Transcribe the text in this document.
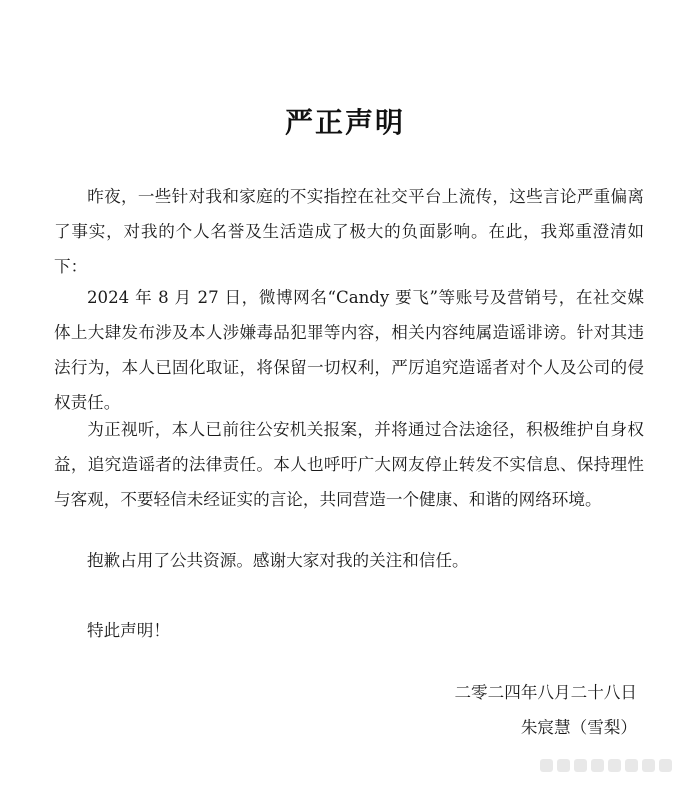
严正声明

昨夜，一些针对我和家庭的不实指控在社交平台上流传，这些言论严重偏离了事实，对我的个人名誉及生活造成了极大的负面影响。在此，我郑重澄清如下：

2024 年 8 月 27 日，微博网名“Candy 要飞”等账号及营销号，在社交媒体上大肆发布涉及本人涉嫌毒品犯罪等内容，相关内容纯属造谣诽谤。针对其违法行为，本人已固化取证，将保留一切权利，严厉追究造谣者对个人及公司的侵权责任。

为正视听，本人已前往公安机关报案，并将通过合法途径，积极维护自身权益，追究造谣者的法律责任。本人也呼吁广大网友停止转发不实信息、保持理性与客观，不要轻信未经证实的言论，共同营造一个健康、和谐的网络环境。

抱歉占用了公共资源。感谢大家对我的关注和信任。

特此声明！

二零二四年八月二十八日
朱宸慧（雪梨）
